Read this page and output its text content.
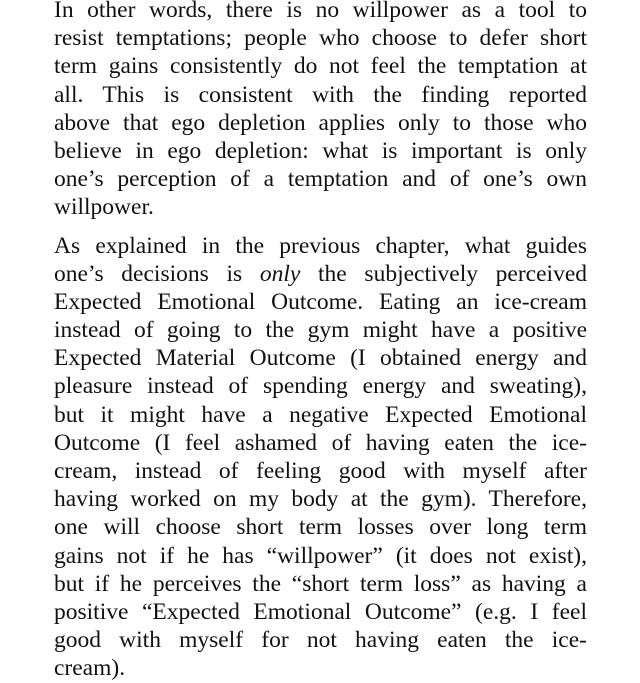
In other words, there is no willpower as a tool to
resist temptations; people who choose to defer short
term gains consistently do not feel the temptation at
all. This is consistent with the finding reported
above that ego depletion applies only to those who
believe in ego depletion: what is important is only
one’s perception of a temptation and of one’s own
willpower.

As explained in the previous chapter, what guides
one’s decisions is only the subjectively perceived
Expected Emotional Outcome. Eating an ice-cream
instead of going to the gym might have a positive
Expected Material Outcome (I obtained energy and
pleasure instead of spending energy and sweating),
but it might have a negative Expected Emotional
Outcome (I feel ashamed of having eaten the ice-
cream, instead of feeling good with myself after
having worked on my body at the gym). Therefore,
one will choose short term losses over long term
gains not if he has “willpower” (it does not exist),
but if he perceives the “short term loss” as having a
positive “Expected Emotional Outcome” (e.g. I feel
good with myself for not having eaten the ice-
cream).
